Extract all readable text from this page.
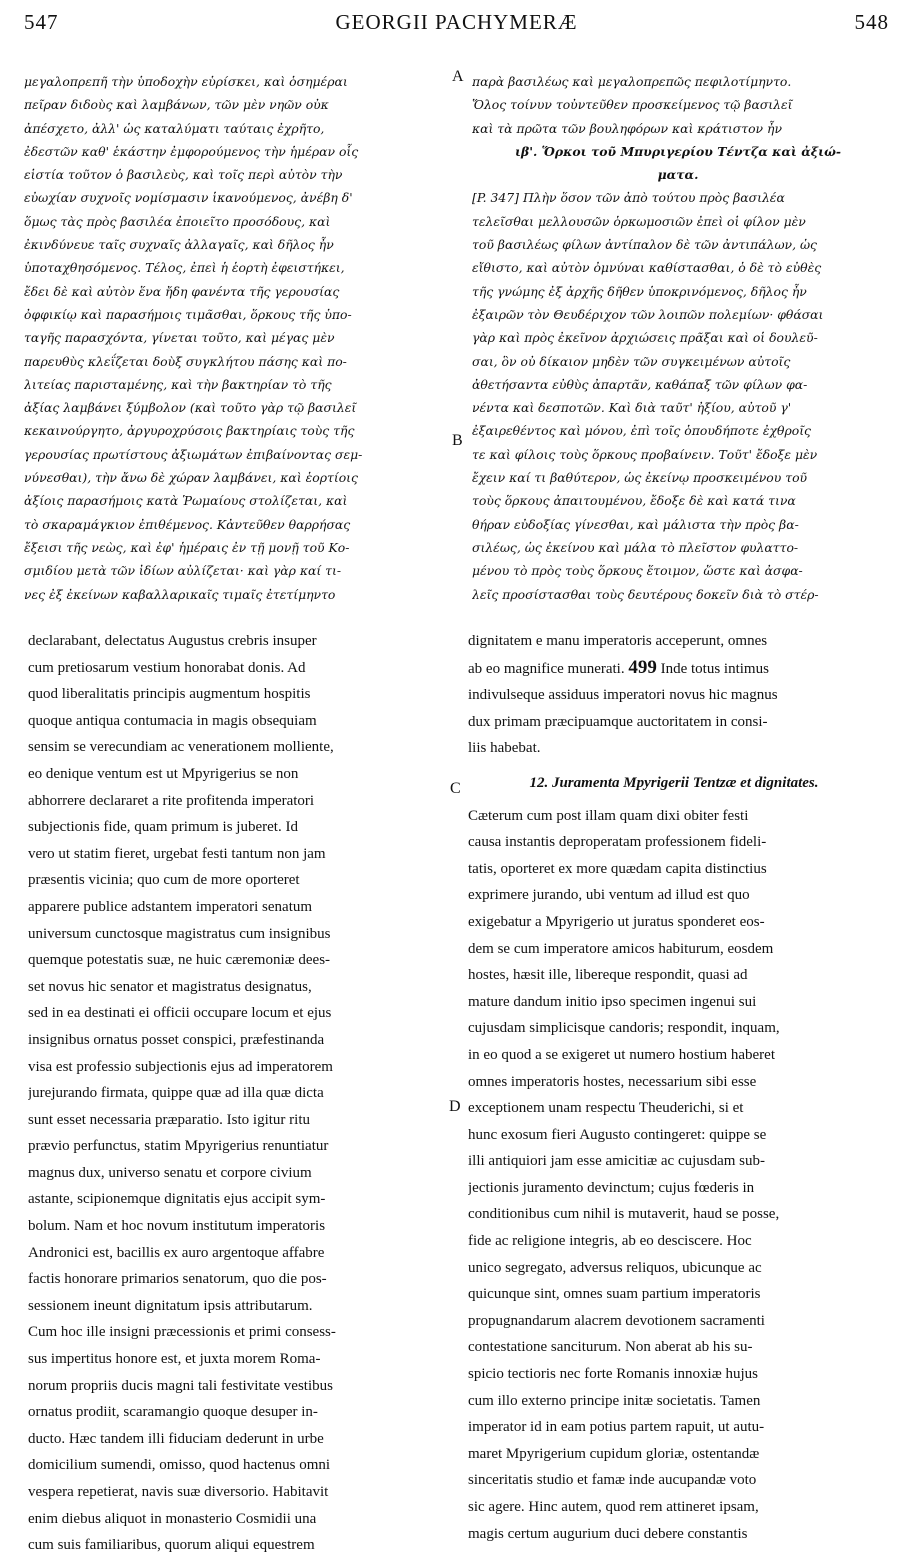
547	GEORGII PACHYMERÆ	548
μεγαλοπρεπῆ τὴν ὑποδοχὴν εὑρίσκει, καὶ ὁσημέραι
πεῖραν διδοὺς καὶ λαμβάνων, τῶν μὲν νηῶν οὐκ
ἀπέσχετο, ἀλλ' ὡς καταλύματι ταύταις ἐχρῆτο,
ἐδεστῶν καθ' ἑκάστην ἐμφορούμενος τὴν ἡμέραν οἷς
εἱστία τοῦτον ὁ βασιλεὺς, καὶ τοῖς περὶ αὐτὸν τὴν
εὐωχίαν συχνοῖς νομίσμασιν ἱκανούμενος, ἀνέβη δ'
ὅμως τὰς πρὸς βασιλέα ἐποιεῖτο προσόδους, καὶ
ἐκινδύνευε ταῖς συχναῖς ἀλλαγαῖς, καὶ δῆλος ἦν
ὑποταχθησόμενος. Τέλος, ἐπεὶ ἡ ἑορτὴ ἐφειστήκει,
ἔδει δὲ καὶ αὐτὸν ἕνα ἤδη φανέντα τῆς γερουσίας
ὀφφικίῳ καὶ παρασήμοις τιμᾶσθαι, ὅρκους τῆς ὑπο-
ταγῆς παρασχόντα, γίνεται τοῦτο, καὶ μέγας μὲν
παρευθὺς κλεΐζεται δοὺξ συγκλήτου πάσης καὶ πο-
λιτείας παρισταμένης, καὶ τὴν βακτηρίαν τὸ τῆς
ἀξίας λαμβάνει ξύμβολον (καὶ τοῦτο γὰρ τῷ βασιλεῖ
κεκαινούργητο, ἀργυροχρύσοις βακτηρίαις τοὺς τῆς
γερουσίας πρωτίστους ἀξιωμάτων ἐπιβαίνοντας σεμ-
νύνεσθαι), τὴν ἄνω δὲ χώραν λαμβάνει, καὶ ἑορτίοις
ἀξίοις παρασήμοις κατὰ Ῥωμαίους στολίζεται, καὶ
τὸ σκαραμάγκιον ἐπιθέμενος. Κἀντεῦθεν θαρρήσας
ἔξεισι τῆς νεὼς, καὶ ἐφ' ἡμέραις ἐν τῇ μονῇ τοῦ Κο-
σμιδίου μετὰ τῶν ἰδίων αὐλίζεται· καὶ γὰρ καί τι-
νες ἐξ ἐκείνων καβαλλαρικαῖς τιμαῖς ἐτετίμηντο
παρὰ βασιλέως καὶ μεγαλοπρεπῶς πεφιλοτίμηντο.
Ὅλος τοίνυν τοὐντεῦθεν προσκείμενος τῷ βασιλεῖ
καὶ τὰ πρῶτα τῶν βουληφόρων καὶ κράτιστον ἦν
ιβ'. Ὅρκοι τοῦ Μπυριγερίου Τέντζα καὶ ἀξιώ-
ματα.
[P. 347] Πλὴν ὅσον τῶν ἀπὸ τούτου πρὸς βασιλέα
τελεῖσθαι μελλουσῶν ὁρκωμοσιῶν ἐπεὶ οἱ φίλον μὲν
τοῦ βασιλέως φίλων ἀντίπαλον δὲ τῶν ἀντιπάλων, ὡς
εἴθιστο, καὶ αὐτὸν ὀμνύναι καθίστασθαι, ὁ δὲ τὸ εὐθὲς
τῆς γνώμης ἐξ ἀρχῆς δῆθεν ὑποκρινόμενος, δῆλος ἦν
ἐξαιρῶν τὸν Θευδέριχον τῶν λοιπῶν πολεμίων· φθάσαι
γὰρ καὶ πρὸς ἐκεῖνον ἀρχιώσεις πρᾶξαι καὶ οἱ δουλεῦ-
σαι, ὃν οὐ δίκαιον μηδὲν τῶν συγκειμένων αὐτοῖς
ἀθετήσαντα εὐθὺς ἀπαρτᾶν, καθάπαξ τῶν φίλων φα-
νέντα καὶ δεσποτῶν. Καὶ διὰ ταῦτ' ἠξίου, αὐτοῦ γ'
ἐξαιρεθέντος καὶ μόνου, ἐπὶ τοῖς ὁπουδήποτε ἐχθροῖς
τε καὶ φίλοις τοὺς ὅρκους προβαίνειν. Τοῦτ' ἔδοξε μὲν
ἔχειν καί τι βαθύτερον, ὡς ἐκείνῳ προσκειμένου τοῦ
τοὺς ὅρκους ἀπαιτουμένου, ἔδοξε δὲ καὶ κατά τινα
θήραν εὐδοξίας γίνεσθαι, καὶ μάλιστα τὴν πρὸς βα-
σιλέως, ὡς ἐκείνου καὶ μάλα τὸ πλεῖστον φυλαττο-
μένου τὸ πρὸς τοὺς ὅρκους ἕτοιμον, ὥστε καὶ ἀσφα-
λεῖς προσίστασθαι τοὺς δευτέρους δοκεῖν διὰ τὸ στέρ-
A
B
C
D
declarabant, delectatus Augustus crebris insuper
cum pretiosarum vestium honorabat donis. Ad
quod liberalitatis principis augmentum hospitis
quoque antiqua contumacia in magis obsequiam
sensim se verecundiam ac venerationem molliente,
eo denique ventum est ut Mpyrigerius se non
abhorrere declararet a rite profitenda imperatori
subjectionis fide, quam primum is juberet. Id
vero ut statim fieret, urgebat festi tantum non jam
præsentis vicinia; quo cum de more oporteret
apparere publice adstantem imperatori senatum
universum cunctosque magistratus cum insignibus
quemque potestatis suæ, ne huic cæremoniæ dees-
set novus hic senator et magistratus designatus,
sed in ea destinati ei officii occupare locum et ejus
insignibus ornatus posset conspici, præfestinanda
visa est professio subjectionis ejus ad imperatorem
jurejurando firmata, quippe quæ ad illa quæ dicta
sunt esset necessaria præparatio. Isto igitur ritu
prævio perfunctus, statim Mpyrigerius renuntiatur
magnus dux, universo senatu et corpore civium
astante, scipionemque dignitatis ejus accipit sym-
bolum. Nam et hoc novum institutum imperatoris
Andronici est, bacillis ex auro argentoque affabre
factis honorare primarios senatorum, quo die pos-
sessionem ineunt dignitatum ipsis attributarum.
Cum hoc ille insigni præcessionis et primi consess-
sus impertitus honore est, et juxta morem Roma-
norum propriis ducis magni tali festivitate vestibus
ornatus prodiit, scaramangio quoque desuper in-
ducto. Hæc tandem illi fiduciam dederunt in urbe
domicilium sumendi, omisso, quod hactenus omni
vespera repetierat, navis suæ diversorio. Habitavit
enim diebus aliquot in monasterio Cosmidii una
cum suis familiaribus, quorum aliqui equestrem
dignitatem e manu imperatoris acceperunt, omnes
ab eo magnifice munerati. 499 Inde totus intimus
indivulseque assiduus imperatori novus hic magnus
dux primam præcipuamque auctoritatem in consi-
liis habebat.
12. Juramenta Mpyrigerii Tentzæ et dignitates.
Cæterum cum post illam quam dixi obiter festi
causa instantis deproperatam professionem fideli-
tatis, oporteret ex more quædam capita distinctius
exprimere jurando, ubi ventum ad illud est quo
exigebatur a Mpyrigerio ut juratus sponderet eos-
dem se cum imperatore amicos habiturum, eosdem
hostes, hæsit ille, libereque respondit, quasi ad
mature dandum initio ipso specimen ingenui sui
cujusdam simplicisque candoris; respondit, inquam,
in eo quod a se exigeret ut numero hostium haberet
omnes imperatoris hostes, necessarium sibi esse
exceptionem unam respectu Theuderichi, si et
hunc exosum fieri Augusto contingeret: quippe se
illi antiquiori jam esse amicitiæ ac cujusdam sub-
jectionis juramento devinctum; cujus fœderis in
conditionibus cum nihil is mutaverit, haud se posse,
fide ac religione integris, ab eo desciscere. Hoc
unico segregato, adversus reliquos, ubicunque ac
quicunque sint, omnes suam partium imperatoris
propugnandarum alacrem devotionem sacramenti
contestatione sanciturum. Non aberat ab his su-
spicio tectioris nec forte Romanis innoxiæ hujus
cum illo externo principe initæ societatis. Tamen
imperator id in eam potius partem rapuit, ut autu-
maret Mpyrigerium cupidum gloriæ, ostentandæ
sinceritatis studio et famæ inde aucupandæ voto
sic agere. Hinc autem, quod rem attineret ipsam,
magis certum augurium duci debere constantis
